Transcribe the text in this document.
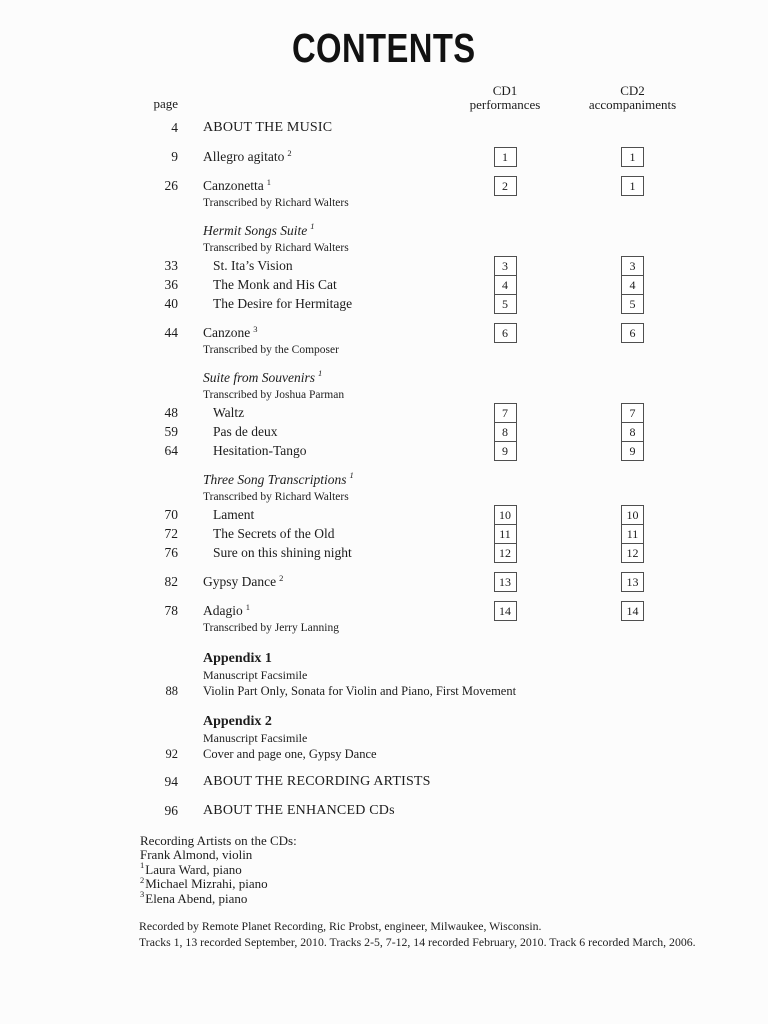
CONTENTS
page
CD1
performances
CD2
accompaniments
4	ABOUT THE MUSIC
9	Allegro agitato $^2$	1	1
26	Canzonetta $^1$	2	1
Transcribed by Richard Walters
Hermit Songs Suite $^1$
Transcribed by Richard Walters
33	St. Ita’s Vision	3	3
36	The Monk and His Cat	4	4
40	The Desire for Hermitage	5	5
44	Canzone $^3$	6	6
Transcribed by the Composer
Suite from Souvenirs $^1$
Transcribed by Joshua Parman
48	Waltz	7	7
59	Pas de deux	8	8
64	Hesitation-Tango	9	9
Three Song Transcriptions $^1$
Transcribed by Richard Walters
70	Lament	10	10
72	The Secrets of the Old	11	11
76	Sure on this shining night	12	12
82	Gypsy Dance $^2$	13	13
78	Adagio $^1$	14	14
Transcribed by Jerry Lanning
Appendix 1
Manuscript Facsimile
88	Violin Part Only, Sonata for Violin and Piano, First Movement
Appendix 2
Manuscript Facsimile
92	Cover and page one, Gypsy Dance
94	ABOUT THE RECORDING ARTISTS
96	ABOUT THE ENHANCED CDs
Recording Artists on the CDs:
Frank Almond, violin
$^1$Laura Ward, piano
$^2$Michael Mizrahi, piano
$^3$Elena Abend, piano
Recorded by Remote Planet Recording, Ric Probst, engineer, Milwaukee, Wisconsin.
Tracks 1, 13 recorded September, 2010. Tracks 2-5, 7-12, 14 recorded February, 2010. Track 6 recorded March, 2006.
